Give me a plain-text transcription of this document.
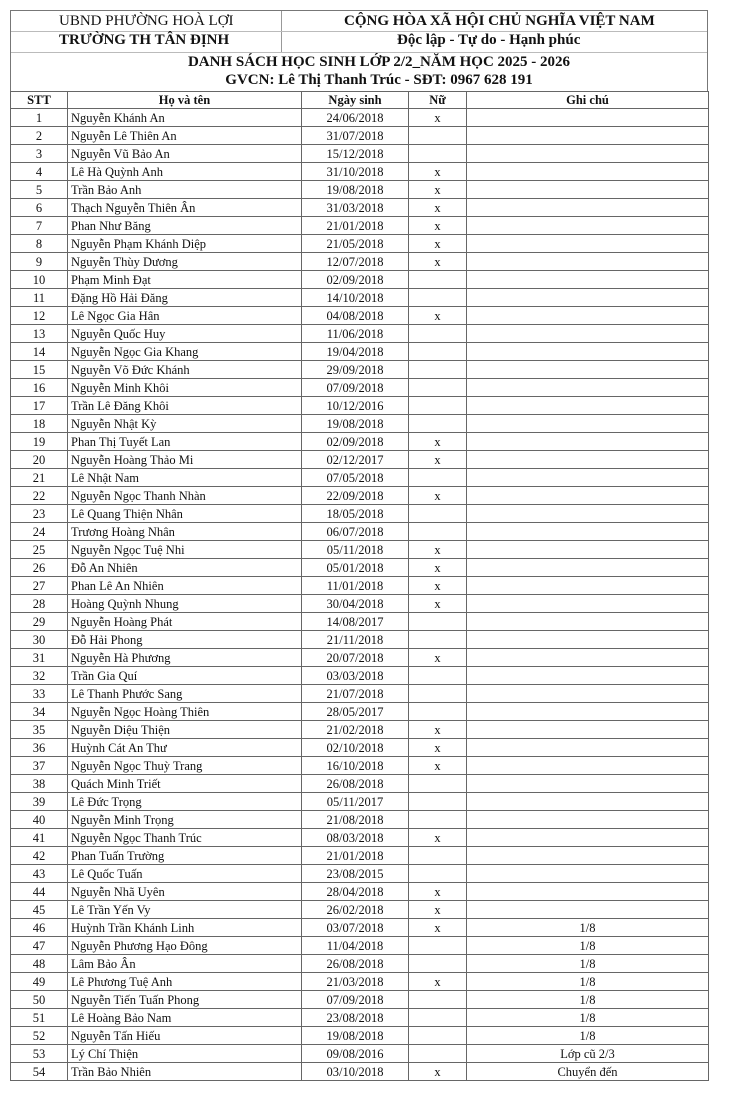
UBND PHƯỜNG HOÀ LỢI
TRƯỜNG TH TÂN ĐỊNH
CỘNG HÒA XÃ HỘI CHỦ NGHĨA VIỆT NAM
Độc lập - Tự do - Hạnh phúc
DANH SÁCH HỌC SINH LỚP 2/2_NĂM HỌC 2025 - 2026
GVCN: Lê Thị Thanh Trúc - SĐT: 0967 628 191
STT	Họ và tên	Ngày sinh	Nữ	Ghi chú
1	Nguyễn Khánh An	24/06/2018	x	
2	Nguyễn Lê Thiên An	31/07/2018		
3	Nguyễn Vũ Bảo An	15/12/2018		
4	Lê Hà Quỳnh Anh	31/10/2018	x	
5	Trần Bảo Anh	19/08/2018	x	
6	Thạch Nguyễn Thiên Ân	31/03/2018	x	
7	Phan Như Băng	21/01/2018	x	
8	Nguyễn Phạm Khánh Diệp	21/05/2018	x	
9	Nguyễn Thùy Dương	12/07/2018	x	
10	Phạm Minh Đạt	02/09/2018		
11	Đặng Hồ Hải Đăng	14/10/2018		
12	Lê Ngọc Gia Hân	04/08/2018	x	
13	Nguyễn Quốc Huy	11/06/2018		
14	Nguyễn Ngọc Gia Khang	19/04/2018		
15	Nguyễn Võ Đức Khánh	29/09/2018		
16	Nguyễn Minh Khôi	07/09/2018		
17	Trần Lê Đăng Khôi	10/12/2016		
18	Nguyễn Nhật Kỳ	19/08/2018		
19	Phan Thị Tuyết Lan	02/09/2018	x	
20	Nguyễn Hoàng Thảo Mi	02/12/2017	x	
21	Lê Nhật Nam	07/05/2018		
22	Nguyễn Ngọc Thanh Nhàn	22/09/2018	x	
23	Lê Quang Thiện Nhân	18/05/2018		
24	Trương Hoàng Nhân	06/07/2018		
25	Nguyễn Ngọc Tuệ Nhi	05/11/2018	x	
26	Đỗ An Nhiên	05/01/2018	x	
27	Phan Lê An Nhiên	11/01/2018	x	
28	Hoàng Quỳnh Nhung	30/04/2018	x	
29	Nguyễn Hoàng Phát	14/08/2017		
30	Đỗ Hải Phong	21/11/2018		
31	Nguyễn Hà Phương	20/07/2018	x	
32	Trần Gia Quí	03/03/2018		
33	Lê Thanh Phước Sang	21/07/2018		
34	Nguyễn Ngọc Hoàng Thiên	28/05/2017		
35	Nguyễn Diệu Thiện	21/02/2018	x	
36	Huỳnh Cát An Thư	02/10/2018	x	
37	Nguyễn Ngọc Thuỳ Trang	16/10/2018	x	
38	Quách Minh Triết	26/08/2018		
39	Lê Đức Trọng	05/11/2017		
40	Nguyễn Minh Trọng	21/08/2018		
41	Nguyễn Ngọc Thanh Trúc	08/03/2018	x	
42	Phan Tuấn Trường	21/01/2018		
43	Lê Quốc Tuấn	23/08/2015		
44	Nguyễn Nhã Uyên	28/04/2018	x	
45	Lê Trần Yến Vy	26/02/2018	x	
46	Huỳnh Trần Khánh Linh	03/07/2018	x	1/8
47	Nguyễn Phương Hạo Đông	11/04/2018		1/8
48	Lâm Bảo Ân	26/08/2018		1/8
49	Lê Phương Tuệ Anh	21/03/2018	x	1/8
50	Nguyễn Tiến Tuấn Phong	07/09/2018		1/8
51	Lê Hoàng Bảo Nam	23/08/2018		1/8
52	Nguyễn Tấn Hiếu	19/08/2018		1/8
53	Lý Chí Thiện	09/08/2016		Lớp cũ 2/3
54	Trần Bảo Nhiên	03/10/2018	x	Chuyển đến
